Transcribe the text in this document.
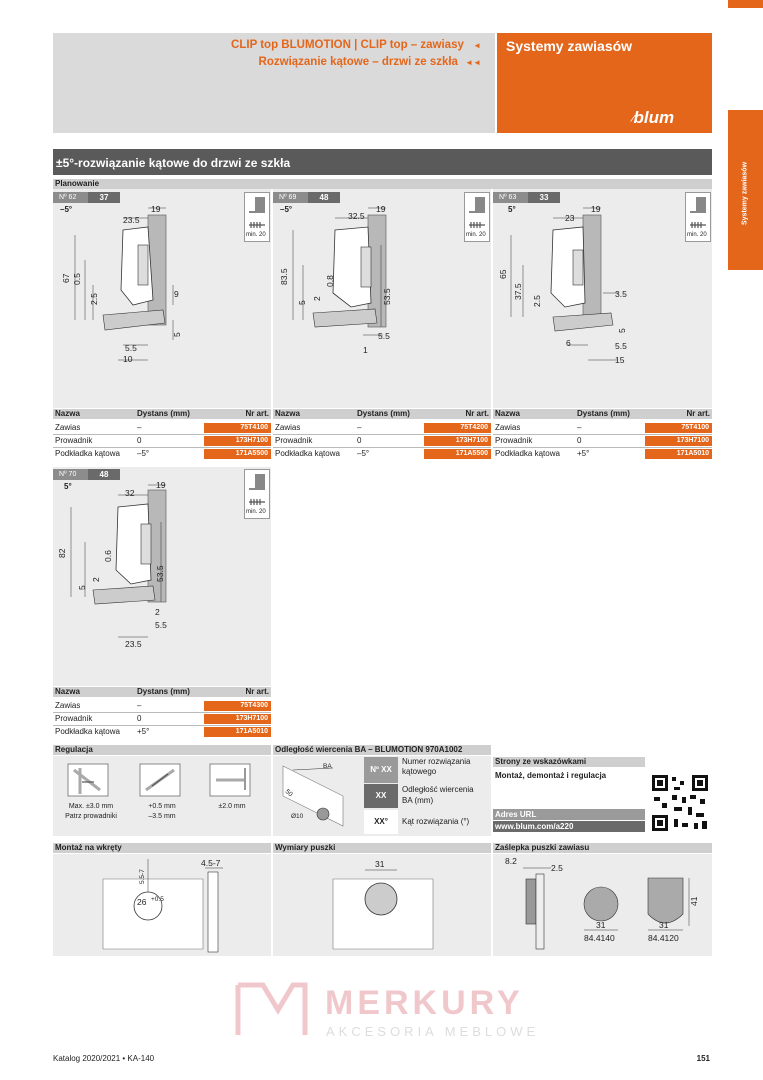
CLIP top BLUMOTION | CLIP top – zawiasy ◄
Rozwiązanie kątowe – drzwi ze szkła ◄◄
Systemy zawiasów
⁄blum
Systemy zawiasów
±5°-rozwiązanie kątowe do drzwi ze szkła
Planowanie
Nº 62	37
–5°
Nº 69	48
–5°
Nº 63	33
5°
Nº 70	48
5°
min. 20	min. 20	min. 20
min. 20
23.5
19
67 0.5
2.5	9
5
5.5
10
32.5
19
83.5	0.8
2
5	53.5
5.5
1
23
19
65
37.5
2.5
3.5
5
6	5.5
15
32
19
82	0.6
2
5
53.5
2
5.5
23.5
Nazwa	Dystans (mm)	Nr art.
Zawias	–	75T4100
Prowadnik	0	173H7100
Podkładka kątowa –5°	171A5500
Nazwa	Dystans (mm)	Nr art.
Zawias	–	75T4200
Prowadnik	0	173H7100
Podkładka kątowa –5°	171A5500
Nazwa	Dystans (mm)	Nr art.
Zawias	–	75T4100
Prowadnik	0	173H7100
Podkładka kątowa +5°	171A5010
Nazwa	Dystans (mm)	Nr art.
Zawias	–	75T4300
Prowadnik	0	173H7100
Podkładka kątowa +5°	171A5010
Regulacja
Max. ±3.0 mm
Patrz prowadniki
+0.5 mm
–3.5 mm
±2.0 mm
Odległość wiercenia BA – BLUMOTION 970A1002
BA
50
Ø10
Nº XX
Numer rozwiązania
kątowego
XX
Odległość wiercenia
BA (mm)
XX°	Kąt rozwiązania (°)
Strony ze wskazówkami
Montaż, demontaż i regulacja
Adres URL
www.blum.com/a220
Montaż na wkręty
5.5-7
4.5-7
26 +0.5
Wymiary puszki
31
Zaślepka puszki zawiasu
8.2
2.5
31	31
41
84.4140	84.4120
MERKURY
AKCESORIA MEBLOWE
Katalog 2020/2021 • KA-140	151
